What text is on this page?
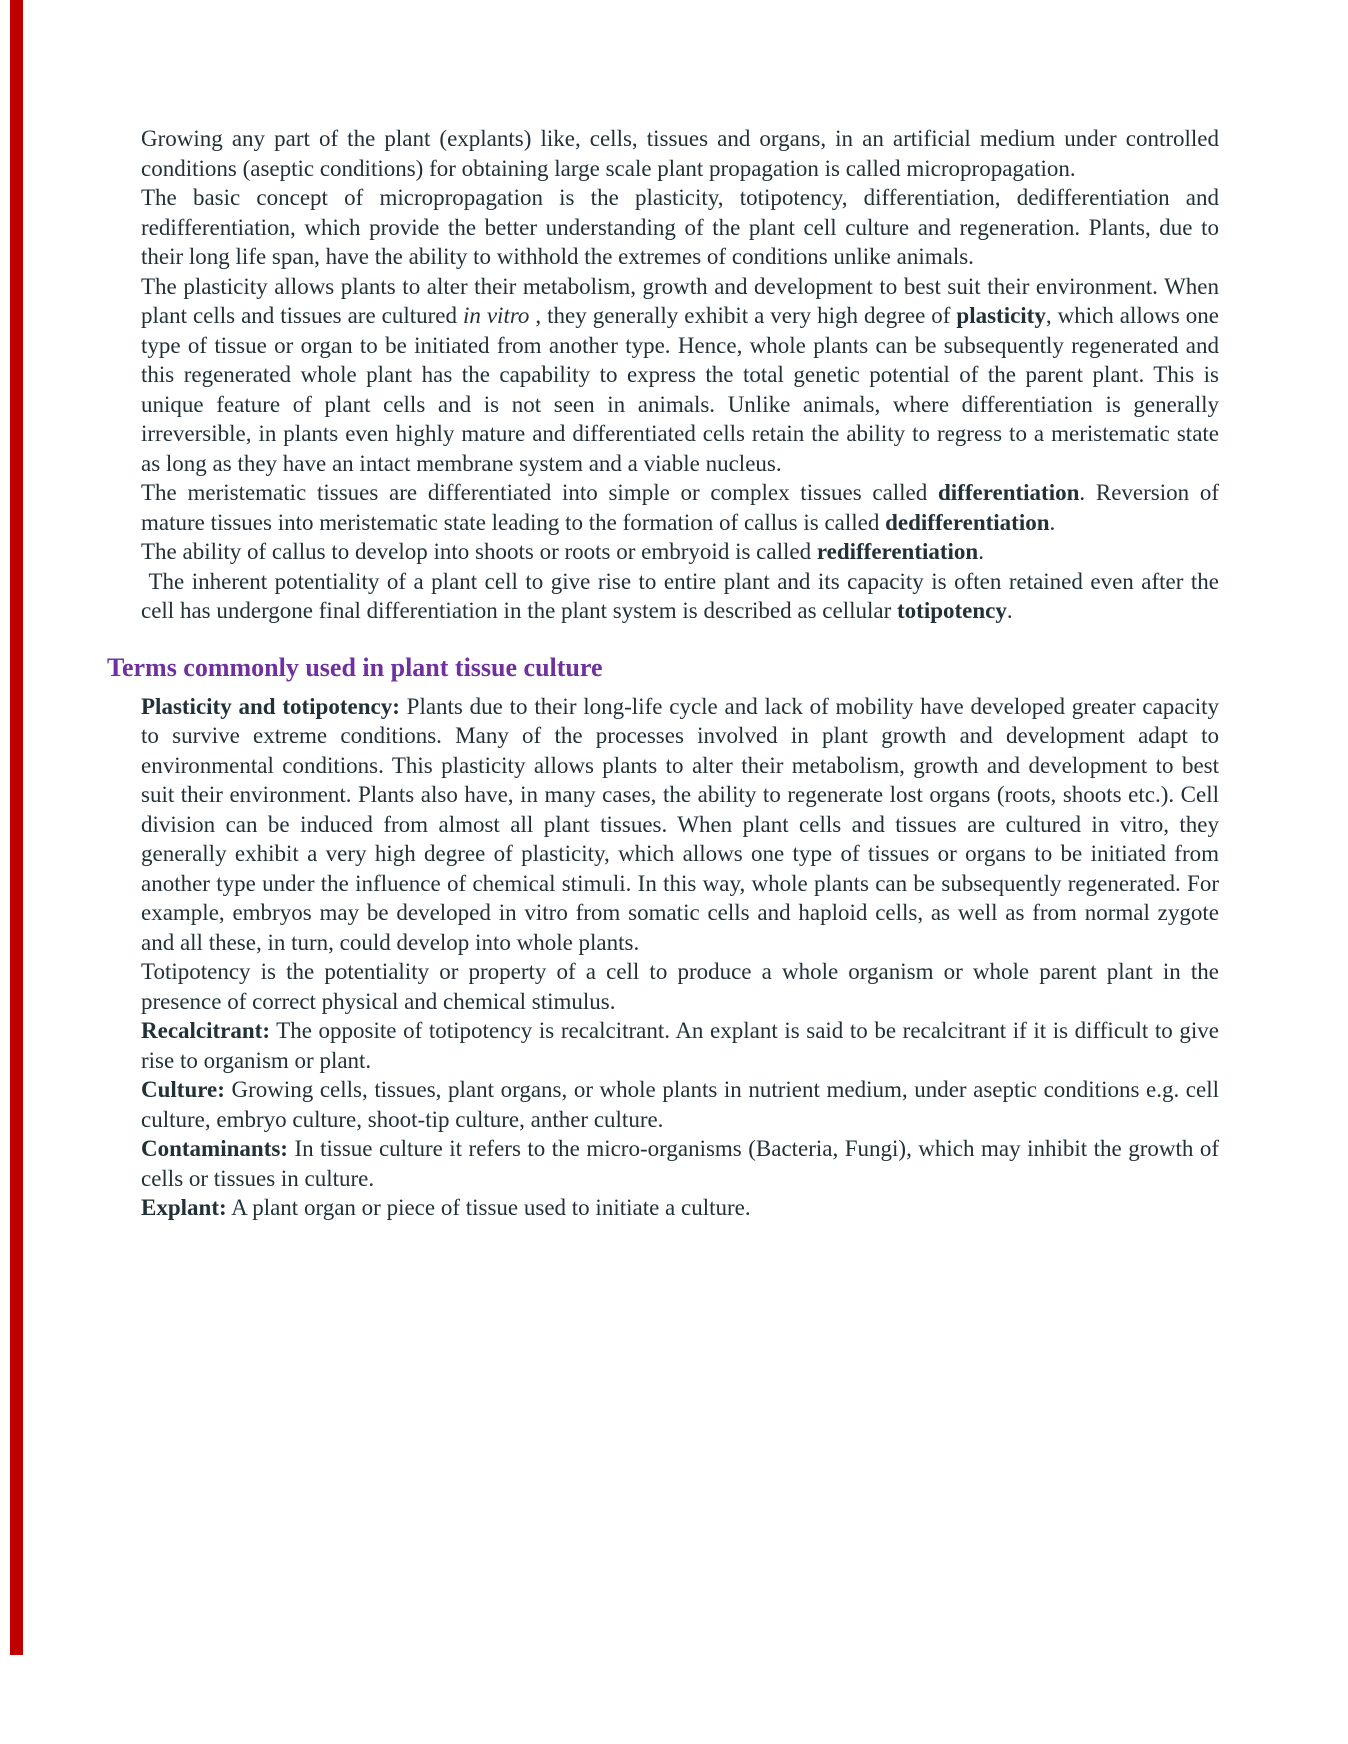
Growing any part of the plant (explants) like, cells, tissues and organs, in an artificial medium under controlled conditions (aseptic conditions) for obtaining large scale plant propagation is called micropropagation.

The basic concept of micropropagation is the plasticity, totipotency, differentiation, dedifferentiation and redifferentiation, which provide the better understanding of the plant cell culture and regeneration. Plants, due to their long life span, have the ability to withhold the extremes of conditions unlike animals.

The plasticity allows plants to alter their metabolism, growth and development to best suit their environment. When plant cells and tissues are cultured in vitro , they generally exhibit a very high degree of plasticity, which allows one type of tissue or organ to be initiated from another type. Hence, whole plants can be subsequently regenerated and this regenerated whole plant has the capability to express the total genetic potential of the parent plant. This is unique feature of plant cells and is not seen in animals. Unlike animals, where differentiation is generally irreversible, in plants even highly mature and differentiated cells retain the ability to regress to a meristematic state as long as they have an intact membrane system and a viable nucleus.

The meristematic tissues are differentiated into simple or complex tissues called differentiation. Reversion of mature tissues into meristematic state leading to the formation of callus is called dedifferentiation.

The ability of callus to develop into shoots or roots or embryoid is called redifferentiation.

The inherent potentiality of a plant cell to give rise to entire plant and its capacity is often retained even after the cell has undergone final differentiation in the plant system is described as cellular totipotency.

Terms commonly used in plant tissue culture

Plasticity and totipotency: Plants due to their long-life cycle and lack of mobility have developed greater capacity to survive extreme conditions. Many of the processes involved in plant growth and development adapt to environmental conditions. This plasticity allows plants to alter their metabolism, growth and development to best suit their environment. Plants also have, in many cases, the ability to regenerate lost organs (roots, shoots etc.). Cell division can be induced from almost all plant tissues. When plant cells and tissues are cultured in vitro, they generally exhibit a very high degree of plasticity, which allows one type of tissues or organs to be initiated from another type under the influence of chemical stimuli. In this way, whole plants can be subsequently regenerated. For example, embryos may be developed in vitro from somatic cells and haploid cells, as well as from normal zygote and all these, in turn, could develop into whole plants.

Totipotency is the potentiality or property of a cell to produce a whole organism or whole parent plant in the presence of correct physical and chemical stimulus.

Recalcitrant: The opposite of totipotency is recalcitrant. An explant is said to be recalcitrant if it is difficult to give rise to organism or plant.

Culture: Growing cells, tissues, plant organs, or whole plants in nutrient medium, under aseptic conditions e.g. cell culture, embryo culture, shoot-tip culture, anther culture.

Contaminants: In tissue culture it refers to the micro-organisms (Bacteria, Fungi), which may inhibit the growth of cells or tissues in culture.

Explant: A plant organ or piece of tissue used to initiate a culture.
